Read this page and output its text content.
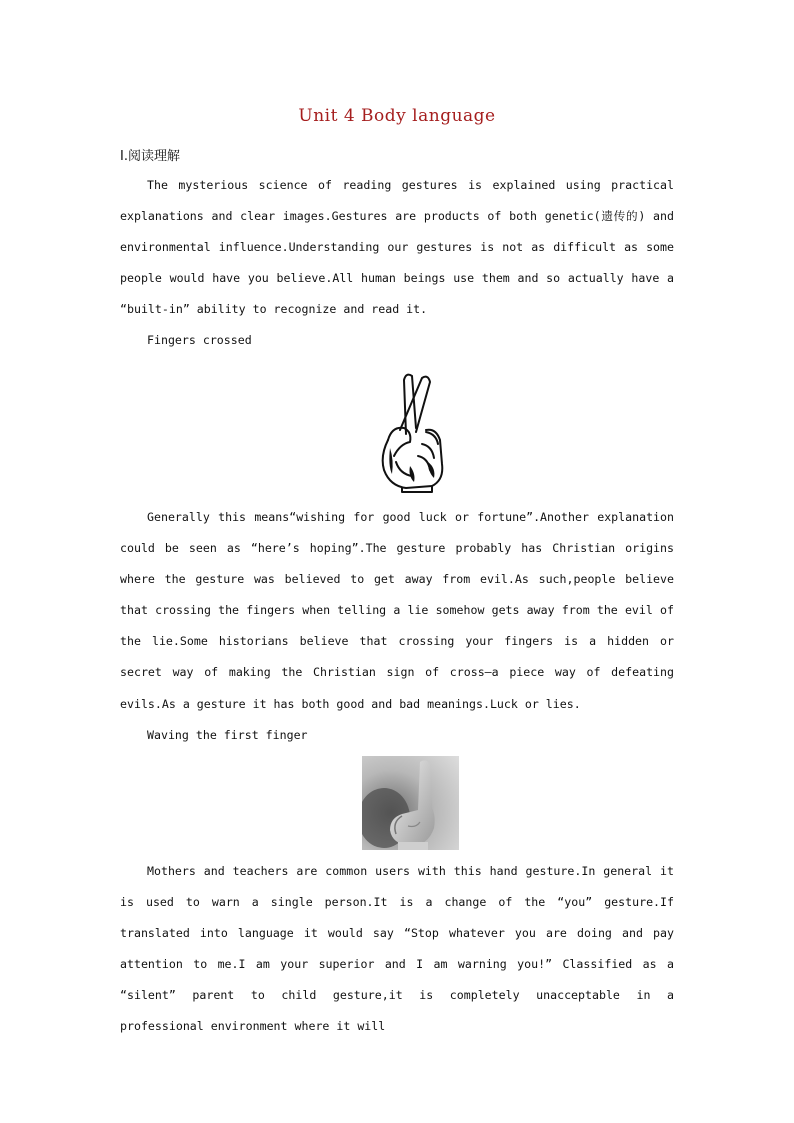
Unit 4 Body language
Ⅰ.阅读理解

The mysterious science of reading gestures is explained using practical explanations and clear images.Gestures are products of both genetic(遗传的) and environmental influence.Understanding our gestures is not as difficult as some people would have you believe.All human beings use them and so actually have a “built-in” ability to recognize and read it.

Fingers crossed

Generally this means“wishing for good luck or fortune”.Another explanation could be seen as “here’s hoping”.The gesture probably has Christian origins where the gesture was believed to get away from evil.As such,people believe that crossing the fingers when telling a lie somehow gets away from the evil of the lie.Some historians believe that crossing your fingers is a hidden or secret way of making the Christian sign of cross—a piece way of defeating evils.As a gesture it has both good and bad meanings.Luck or lies.

Waving the first finger

Mothers and teachers are common users with this hand gesture.In general it is used to warn a single person.It is a change of the “you” gesture.If translated into language it would say “Stop whatever you are doing and pay attention to me.I am your superior and I am warning you!” Classified as a “silent” parent to child gesture,it is completely unacceptable in a professional environment where it will
